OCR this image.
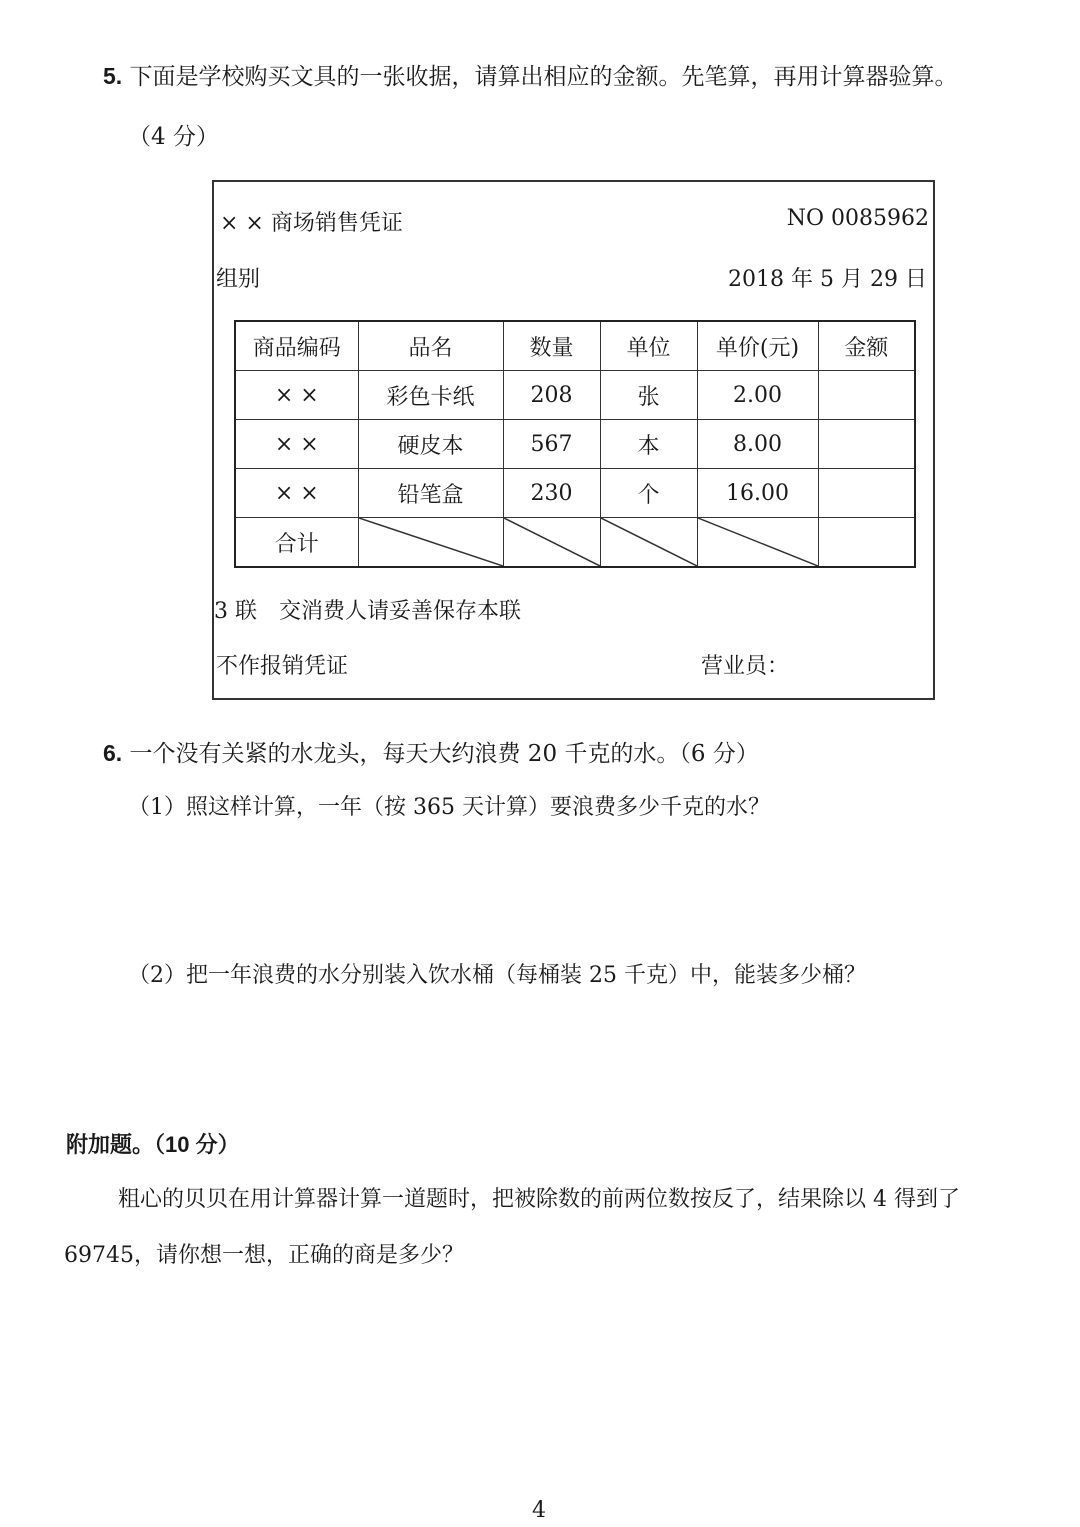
5. 下面是学校购买文具的一张收据，请算出相应的金额。先笔算，再用计算器验算。
（4 分）
× × 商场销售凭证	NO 0085962
组别	2018 年 5 月 29 日
商品编码	品名	数量	单位	单价(元)	金额
× ×	彩色卡纸	208	张	2.00	
× ×	硬皮本	567	本	8.00	
× ×	铅笔盒	230	个	16.00	
合计	

3 联　交消费人请妥善保存本联
不作报销凭证	营业员：
6. 一个没有关紧的水龙头，每天大约浪费 20 千克的水。（6 分）
（1）照这样计算，一年（按 365 天计算）要浪费多少千克的水？
（2）把一年浪费的水分别装入饮水桶（每桶装 25 千克）中，能装多少桶？
附加题。（10 分）
粗心的贝贝在用计算器计算一道题时，把被除数的前两位数按反了，结果除以 4 得到了
69745，请你想一想，正确的商是多少？
4
